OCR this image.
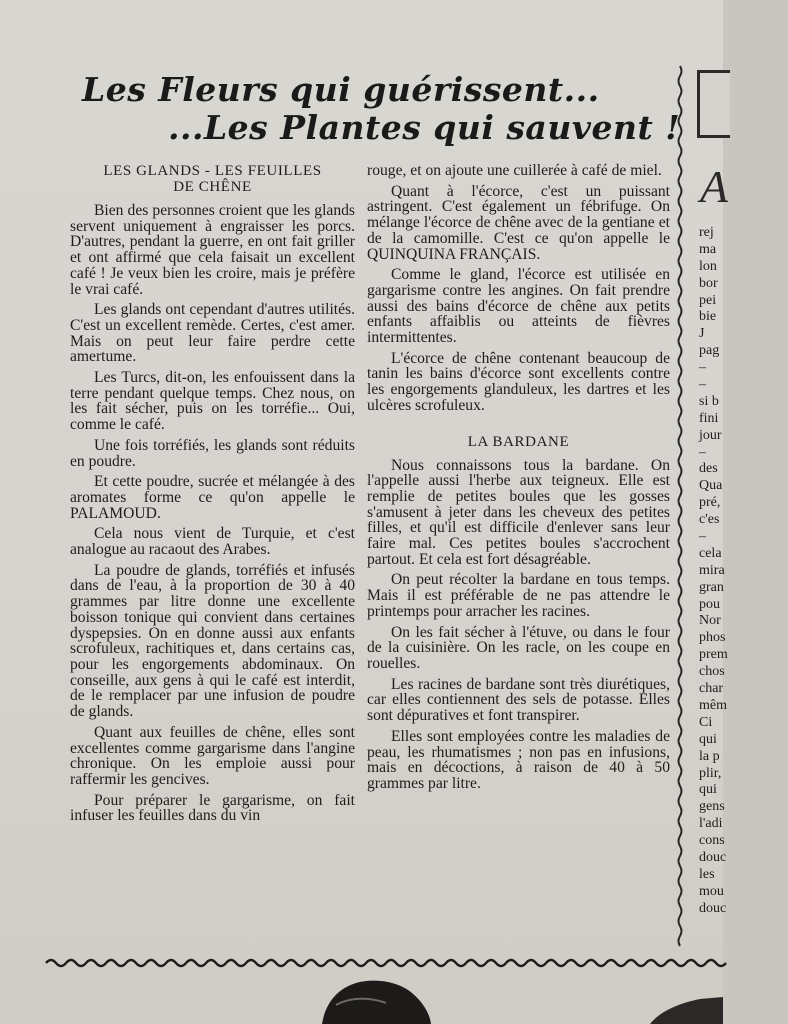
Les Fleurs qui guérissent...
...Les Plantes qui sauvent !
LES GLANDS - LES FEUILLES
DE CHÊNE

Bien des personnes croient que les glands servent uniquement à engraisser les porcs. D'autres, pendant la guerre, en ont fait griller et ont affirmé que cela faisait un excellent café ! Je veux bien les croire, mais je préfère le vrai café.

Les glands ont cependant d'autres utilités. C'est un excellent remède. Certes, c'est amer. Mais on peut leur faire perdre cette amertume.

Les Turcs, dit-on, les enfouissent dans la terre pendant quelque temps. Chez nous, on les fait sécher, puis on les torréfie... Oui, comme le café.

Une fois torréfiés, les glands sont réduits en poudre.

Et cette poudre, sucrée et mélangée à des aromates forme ce qu'on appelle le PALAMOUD.

Cela nous vient de Turquie, et c'est analogue au racaout des Arabes.

La poudre de glands, torréfiés et infusés dans de l'eau, à la proportion de 30 à 40 grammes par litre donne une excellente boisson tonique qui convient dans certaines dyspepsies. On en donne aussi aux enfants scrofuleux, rachitiques et, dans certains cas, pour les engorgements abdominaux. On conseille, aux gens à qui le café est interdit, de le remplacer par une infusion de poudre de glands.

Quant aux feuilles de chêne, elles sont excellentes comme gargarisme dans l'angine chronique. On les emploie aussi pour raffermir les gencives.

Pour préparer le gargarisme, on fait infuser les feuilles dans du vin

rouge, et on ajoute une cuillerée à café de miel.

Quant à l'écorce, c'est un puissant astringent. C'est également un fébrifuge. On mélange l'écorce de chêne avec de la gentiane et de la camomille. C'est ce qu'on appelle le QUINQUINA FRANÇAIS.

Comme le gland, l'écorce est utilisée en gargarisme contre les angines. On fait prendre aussi des bains d'écorce de chêne aux petits enfants affaiblis ou atteints de fièvres intermittentes.

L'écorce de chêne contenant beaucoup de tanin les bains d'écorce sont excellents contre les engorgements glanduleux, les dartres et les ulcères scrofuleux.

LA BARDANE

Nous connaissons tous la bardane. On l'appelle aussi l'herbe aux teigneux. Elle est remplie de petites boules que les gosses s'amusent à jeter dans les cheveux des petites filles, et qu'il est difficile d'enlever sans leur faire mal. Ces petites boules s'accrochent partout. Et cela est fort désagréable.

On peut récolter la bardane en tous temps. Mais il est préférable de ne pas attendre le printemps pour arracher les racines.

On les fait sécher à l'étuve, ou dans le four de la cuisinière. On les racle, on les coupe en rouelles.

Les racines de bardane sont très diurétiques, car elles contiennent des sels de potasse. Elles sont dépuratives et font transpirer.

Elles sont employées contre les maladies de peau, les rhumatismes ; non pas en infusions, mais en décoctions, à raison de 40 à 50 grammes par litre.

A
rej
ma
lon
bor
pei
bie
J
pag
–
–
si b
fini
jour
–
des
Qua
pré,
c'es
–
cela
mira
gran
pou
Nor
phos
prem
chos
char
mêm
Ci
qui
la p
plir,
qui
gens
l'adi
cons
douc
les
mou
douc
